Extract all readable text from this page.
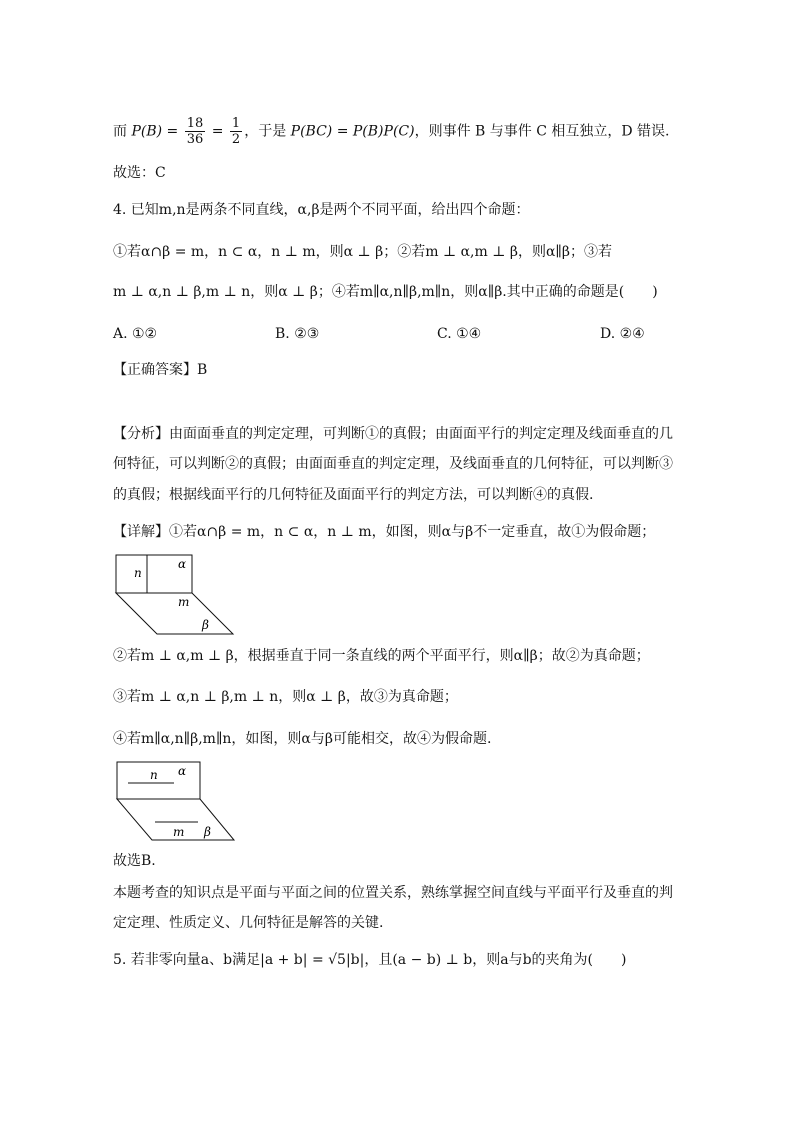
而 $P(B) = \frac{18}{36} = \frac{1}{2}$ ，于是 P(BC) = P(B)P(C)，则事件 B 与事件 C 相互独立，D 错误.
故选：C
4. 已知m,n是两条不同直线，α,β是两个不同平面，给出四个命题：
①若α∩β = m，n ⊂ α，n ⊥ m，则α ⊥ β；②若m ⊥ α,m ⊥ β，则α∥β；③若
m ⊥ α,n ⊥ β,m ⊥ n，则α ⊥ β；④若m∥α,n∥β,m∥n，则α∥β.其中正确的命题是(　　)
A. ①②	B. ②③	C. ①④	D. ②④
【正确答案】B
【分析】由面面垂直的判定定理，可判断①的真假；由面面平行的判定定理及线面垂直的几
何特征，可以判断②的真假；由面面垂直的判定定理，及线面垂直的几何特征，可以判断③
的真假；根据线面平行的几何特征及面面平行的判定方法，可以判断④的真假.
【详解】①若α∩β = m，n ⊂ α，n ⊥ m，如图，则α与β不一定垂直，故①为假命题；
n
α
m
β
②若m ⊥ α,m ⊥ β，根据垂直于同一条直线的两个平面平行，则α∥β；故②为真命题；
③若m ⊥ α,n ⊥ β,m ⊥ n，则α ⊥ β，故③为真命题；
④若m∥α,n∥β,m∥n，如图，则α与β可能相交，故④为假命题.
n α
m β
故选B.
本题考查的知识点是平面与平面之间的位置关系，熟练掌握空间直线与平面平行及垂直的判
定定理、性质定义、几何特征是解答的关键.
5. 若非零向量a、b满足|a + b| = √5|b|，且(a − b) ⊥ b，则a与b的夹角为(　　)
